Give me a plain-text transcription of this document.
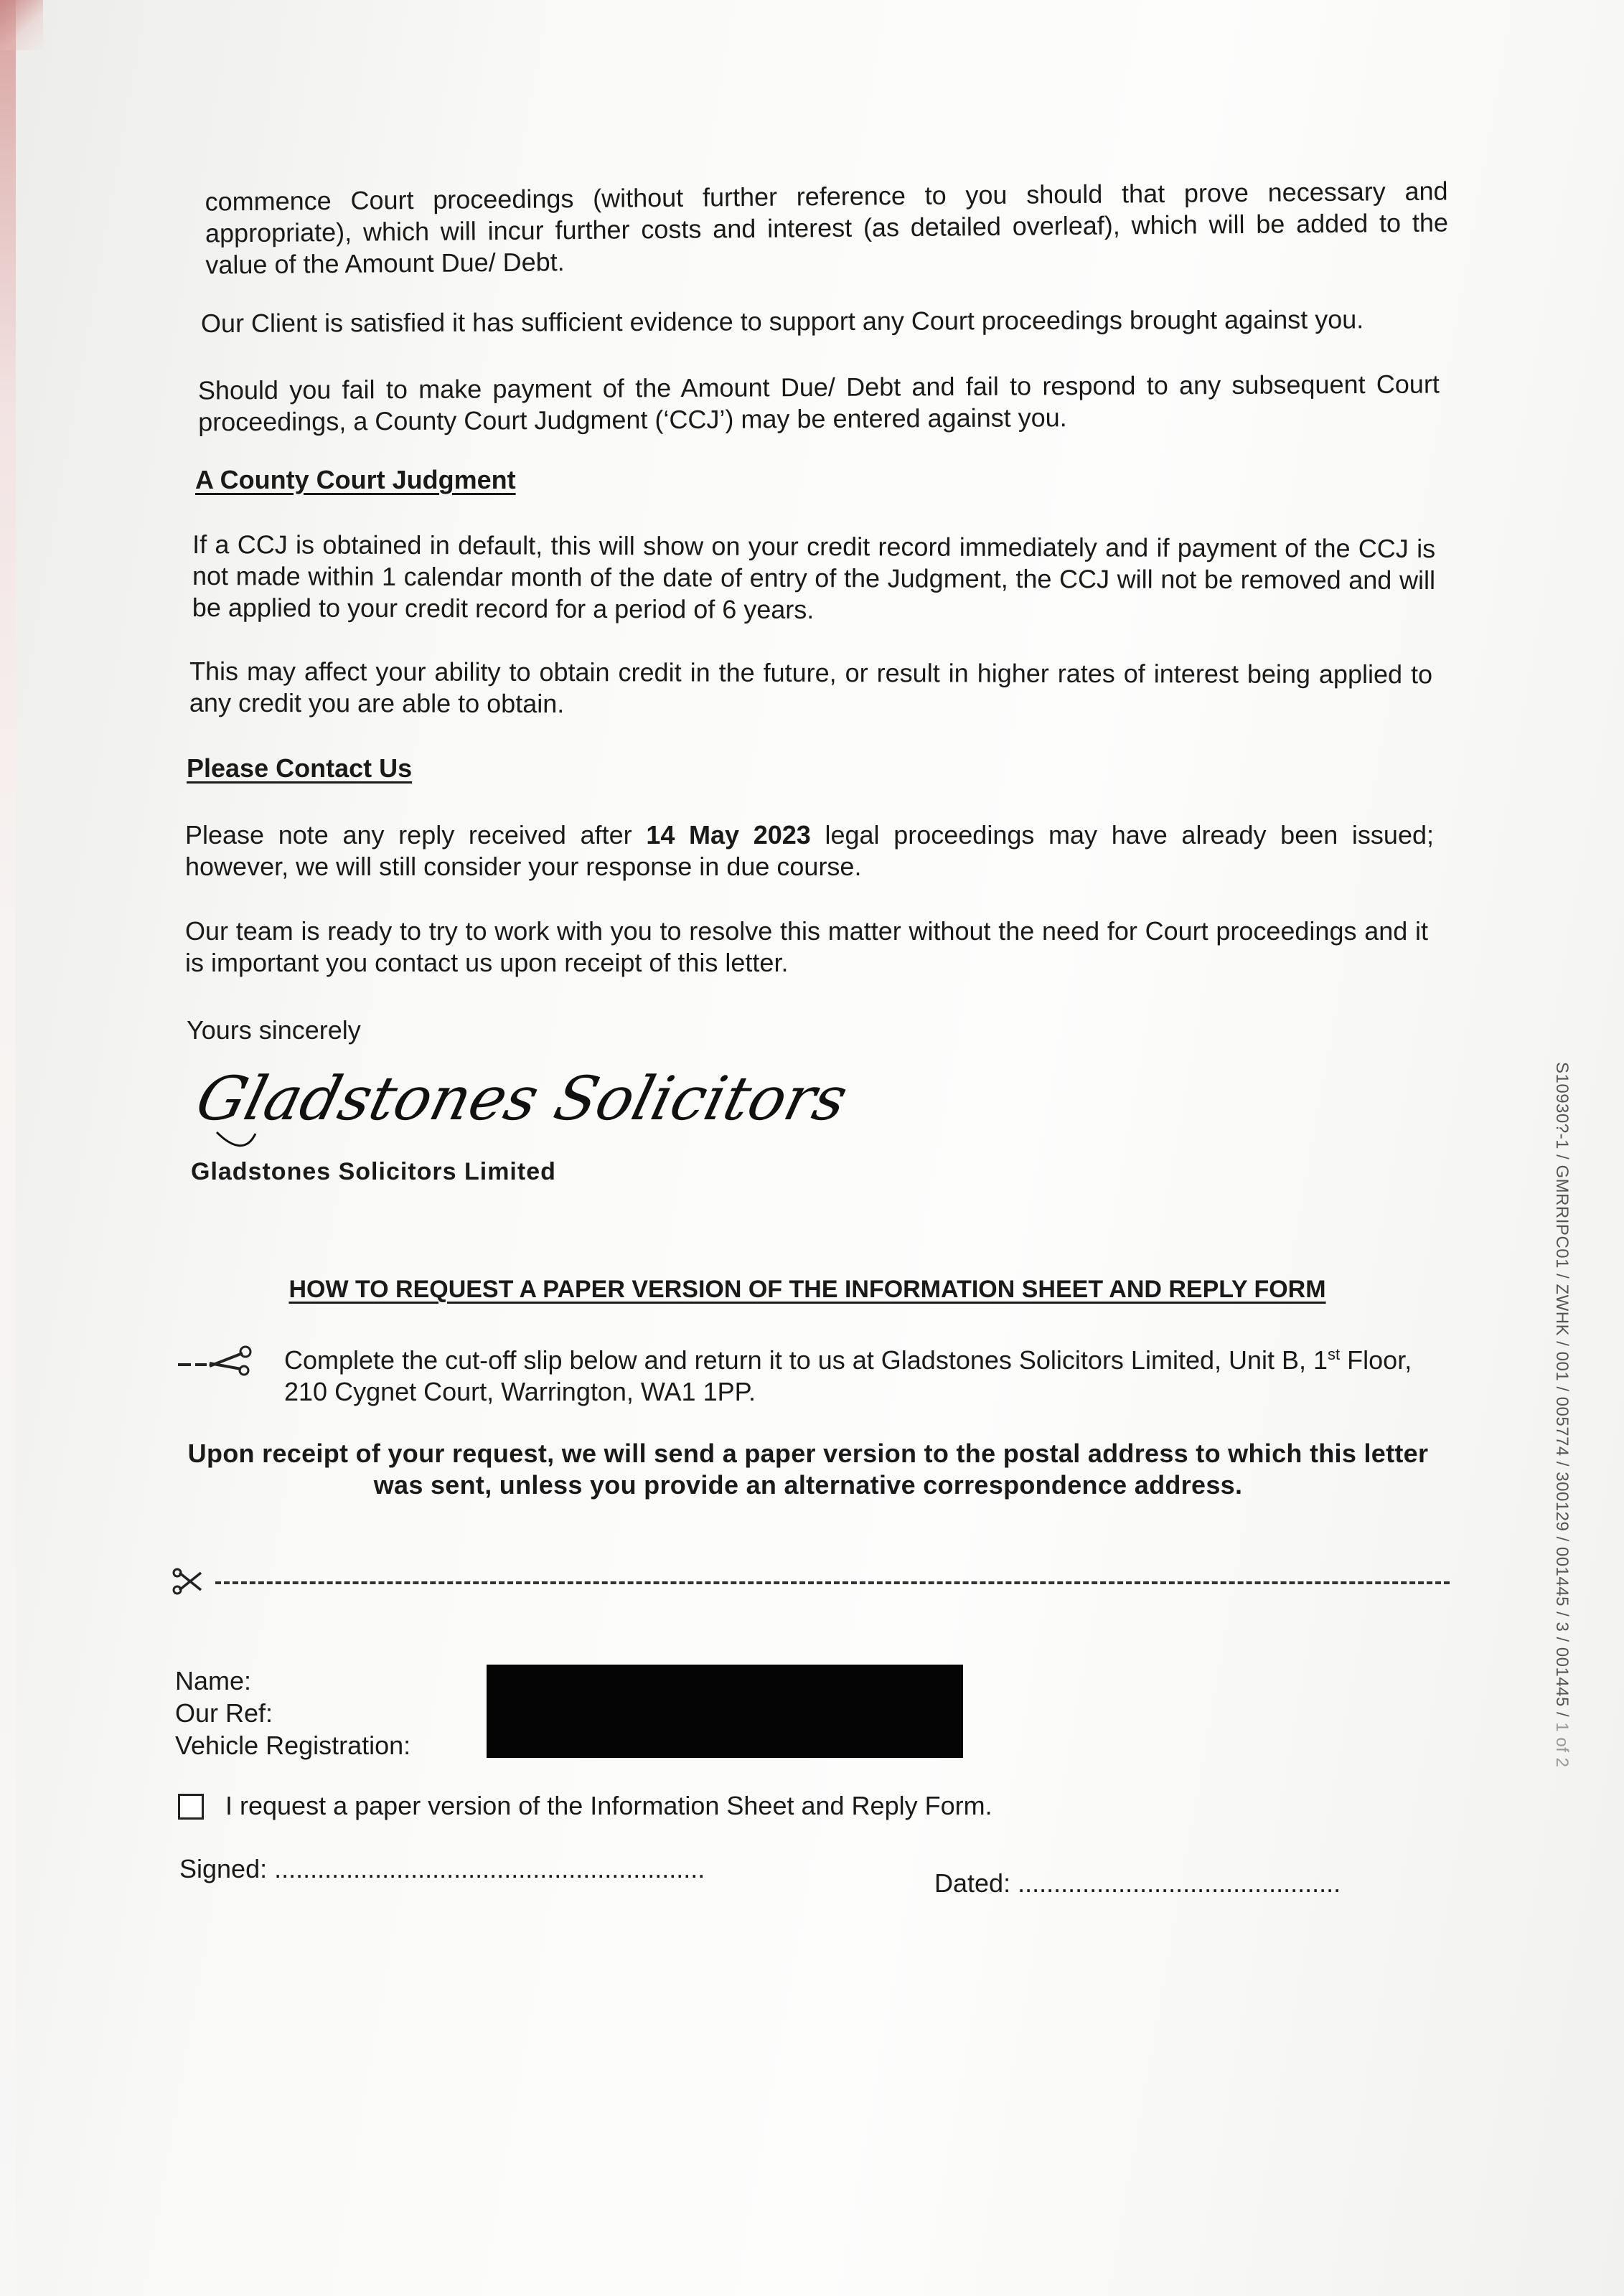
commence Court proceedings (without further reference to you should that prove necessary and appropriate), which will incur further costs and interest (as detailed overleaf), which will be added to the value of the Amount Due/ Debt.
Our Client is satisfied it has sufficient evidence to support any Court proceedings brought against you.
Should you fail to make payment of the Amount Due/ Debt and fail to respond to any subsequent Court proceedings, a County Court Judgment (‘CCJ’) may be entered against you.
A County Court Judgment
If a CCJ is obtained in default, this will show on your credit record immediately and if payment of the CCJ is not made within 1 calendar month of the date of entry of the Judgment, the CCJ will not be removed and will be applied to your credit record for a period of 6 years.
This may affect your ability to obtain credit in the future, or result in higher rates of interest being applied to any credit you are able to obtain.
Please Contact Us
Please note any reply received after 14 May 2023 legal proceedings may have already been issued; however, we will still consider your response in due course.
Our team is ready to try to work with you to resolve this matter without the need for Court proceedings and it is important you contact us upon receipt of this letter.
Yours sincerely
Gladstones Solicitors
Gladstones Solicitors Limited
HOW TO REQUEST A PAPER VERSION OF THE INFORMATION SHEET AND REPLY FORM
Complete the cut-off slip below and return it to us at Gladstones Solicitors Limited, Unit B, 1st Floor, 210 Cygnet Court, Warrington, WA1 1PP.
Upon receipt of your request, we will send a paper version to the postal address to which this letter was sent, unless you provide an alternative correspondence address.
Name:
Our Ref:
Vehicle Registration:
I request a paper version of the Information Sheet and Reply Form.
Signed: ............................................................	Dated: .............................................
S10930?-1 / GMRRIPC01 / ZWHK / 001 / 005774 / 300129 / 001445 / 3 / 001445 / 1 of 2
